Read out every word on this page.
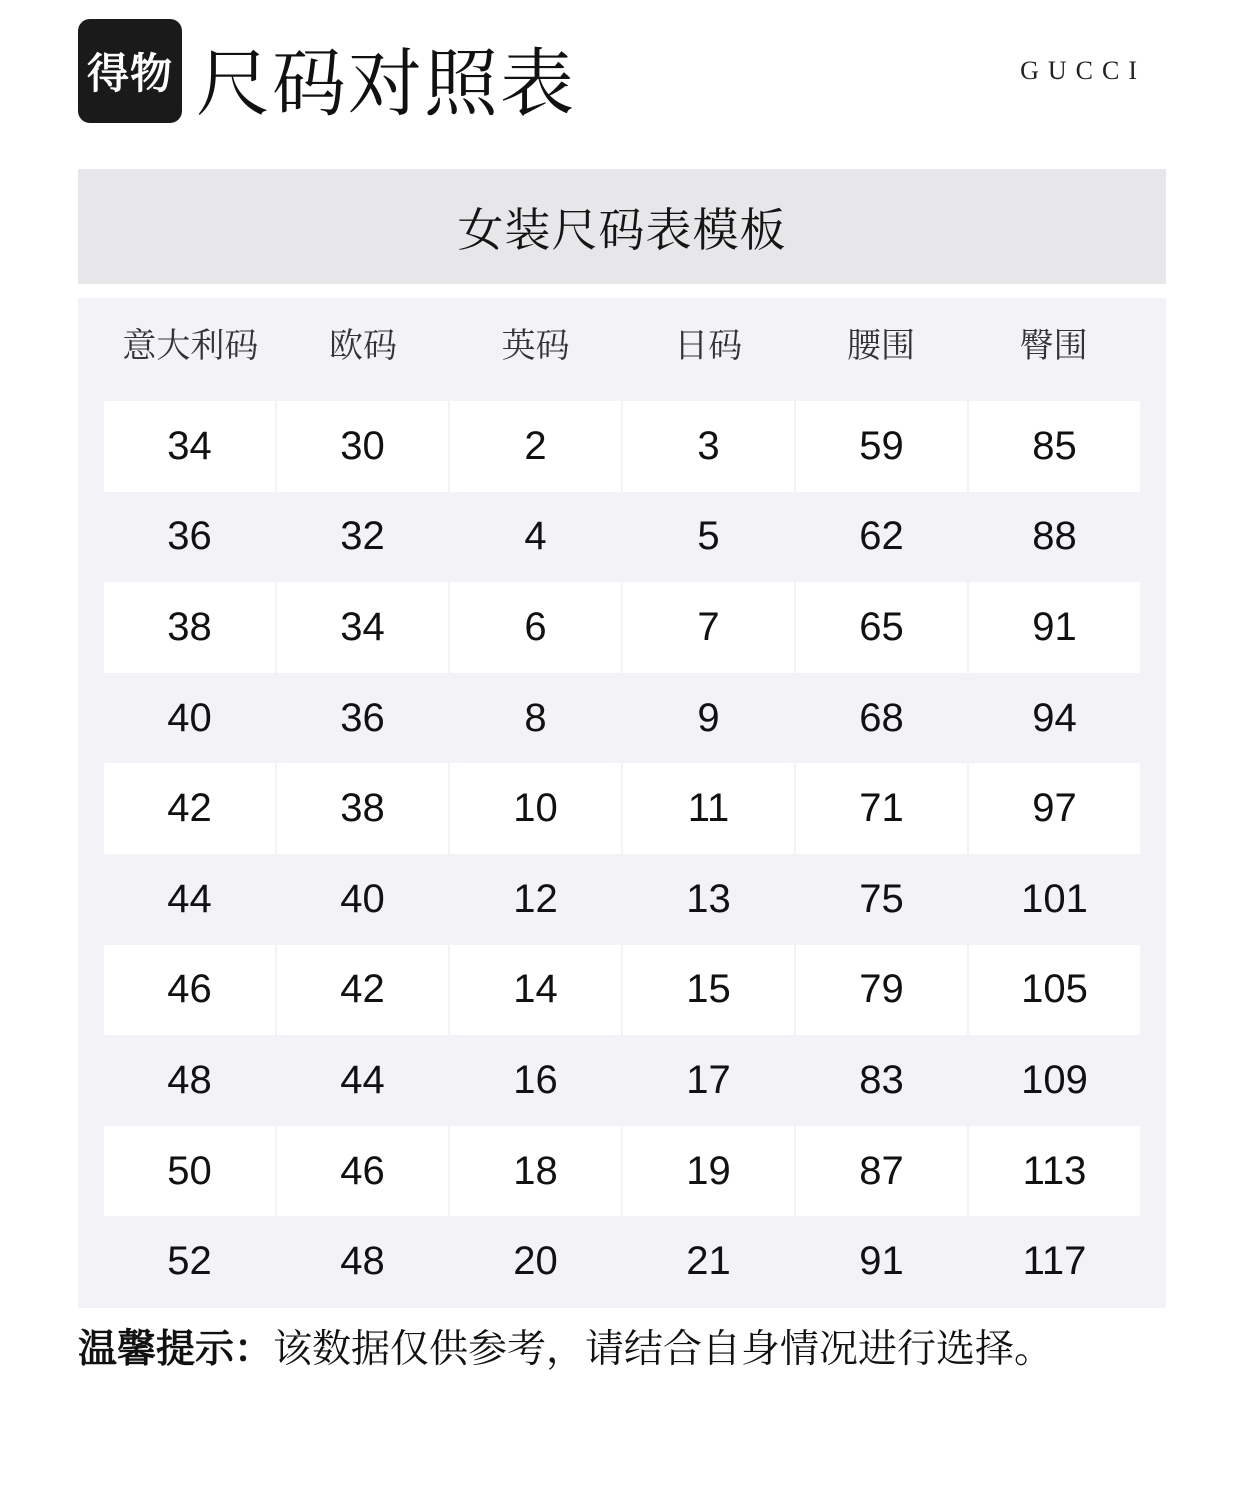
得物 尺码对照表	GUCCI
女装尺码表模板
意大利码	欧码	英码	日码	腰围	臀围
34	30	2	3	59	85
36	32	4	5	62	88
38	34	6	7	65	91
40	36	8	9	68	94
42	38	10	11	71	97
44	40	12	13	75	101
46	42	14	15	79	105
48	44	16	17	83	109
50	46	18	19	87	113
52	48	20	21	91	117
温馨提示：该数据仅供参考，请结合自身情况进行选择。
